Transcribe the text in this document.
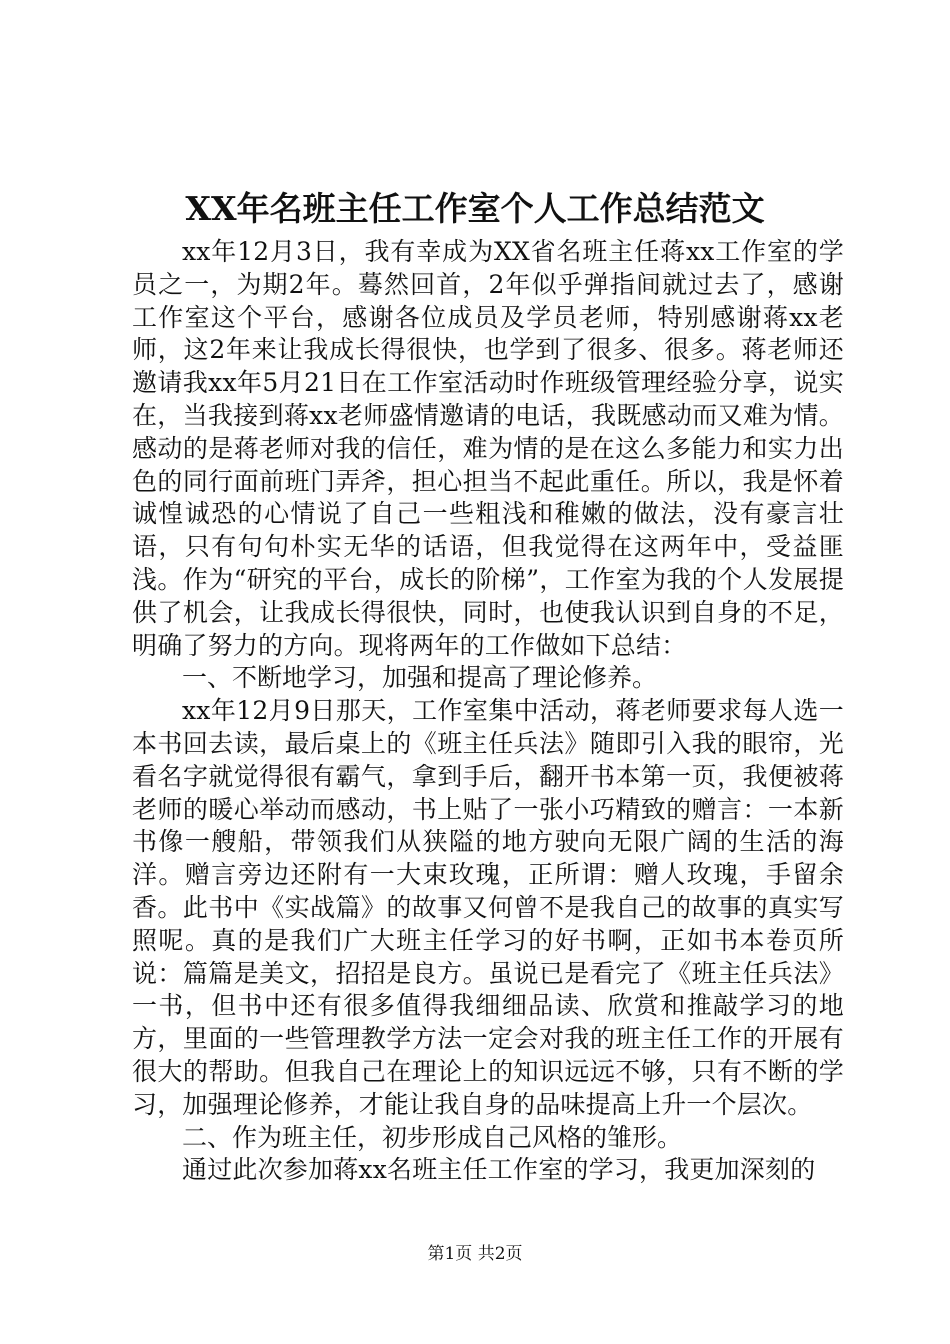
XX年名班主任工作室个人工作总结范文

xx年12月3日，我有幸成为XX省名班主任蒋xx工作室的学员之一，为期2年。蓦然回首，2年似乎弹指间就过去了，感谢工作室这个平台，感谢各位成员及学员老师，特别感谢蒋xx老师，这2年来让我成长得很快，也学到了很多、很多。蒋老师还邀请我xx年5月21日在工作室活动时作班级管理经验分享，说实在，当我接到蒋xx老师盛情邀请的电话，我既感动而又难为情。感动的是蒋老师对我的信任，难为情的是在这么多能力和实力出色的同行面前班门弄斧，担心担当不起此重任。所以，我是怀着诚惶诚恐的心情说了自己一些粗浅和稚嫩的做法，没有豪言壮语，只有句句朴实无华的话语，但我觉得在这两年中，受益匪浅。作为“研究的平台，成长的阶梯”，工作室为我的个人发展提供了机会，让我成长得很快，同时，也使我认识到自身的不足，明确了努力的方向。现将两年的工作做如下总结：

一、不断地学习，加强和提高了理论修养。

xx年12月9日那天，工作室集中活动，蒋老师要求每人选一本书回去读，最后桌上的《班主任兵法》随即引入我的眼帘，光看名字就觉得很有霸气，拿到手后，翻开书本第一页，我便被蒋老师的暖心举动而感动，书上贴了一张小巧精致的赠言：一本新书像一艘船，带领我们从狭隘的地方驶向无限广阔的生活的海洋。赠言旁边还附有一大束玫瑰，正所谓：赠人玫瑰，手留余香。此书中《实战篇》的故事又何曾不是我自己的故事的真实写照呢。真的是我们广大班主任学习的好书啊，正如书本卷页所说：篇篇是美文，招招是良方。虽说已是看完了《班主任兵法》一书，但书中还有很多值得我细细品读、欣赏和推敲学习的地方，里面的一些管理教学方法一定会对我的班主任工作的开展有很大的帮助。但我自己在理论上的知识远远不够，只有不断的学习，加强理论修养，才能让我自身的品味提高上升一个层次。

二、作为班主任，初步形成自己风格的雏形。

通过此次参加蒋xx名班主任工作室的学习，我更加深刻的

第1页 共2页
